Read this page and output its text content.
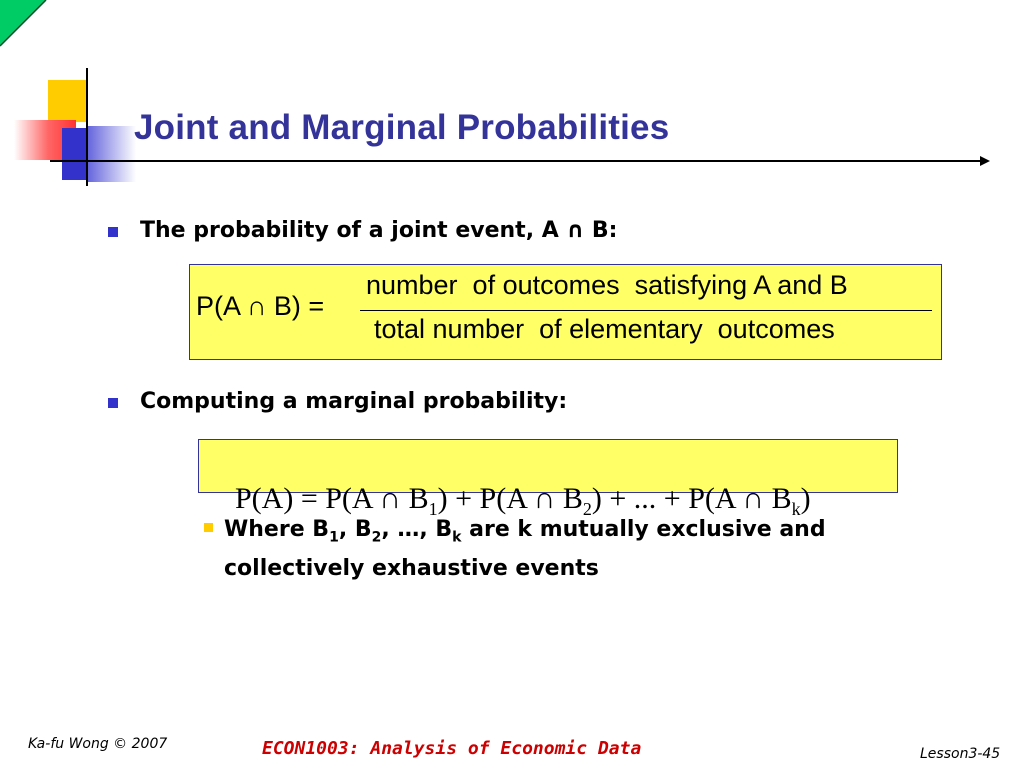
Joint and Marginal Probabilities
The probability of a joint event, A ∩ B:
P(A ∩ B) =
number  of outcomes  satisfying A and B
total number  of elementary  outcomes
Computing a marginal probability:

P(A) = P(A ∩ $B_1) + P(A$ ∩ $B_2$) + ... + P(A ∩ $B_k$)

Where $B_1$, $B_2$, …, $B_k$ are k mutually exclusive and
collectively exhaustive events
Ka-fu Wong © 2007	ECON1003: Analysis of Economic Data	Lesson3-45
